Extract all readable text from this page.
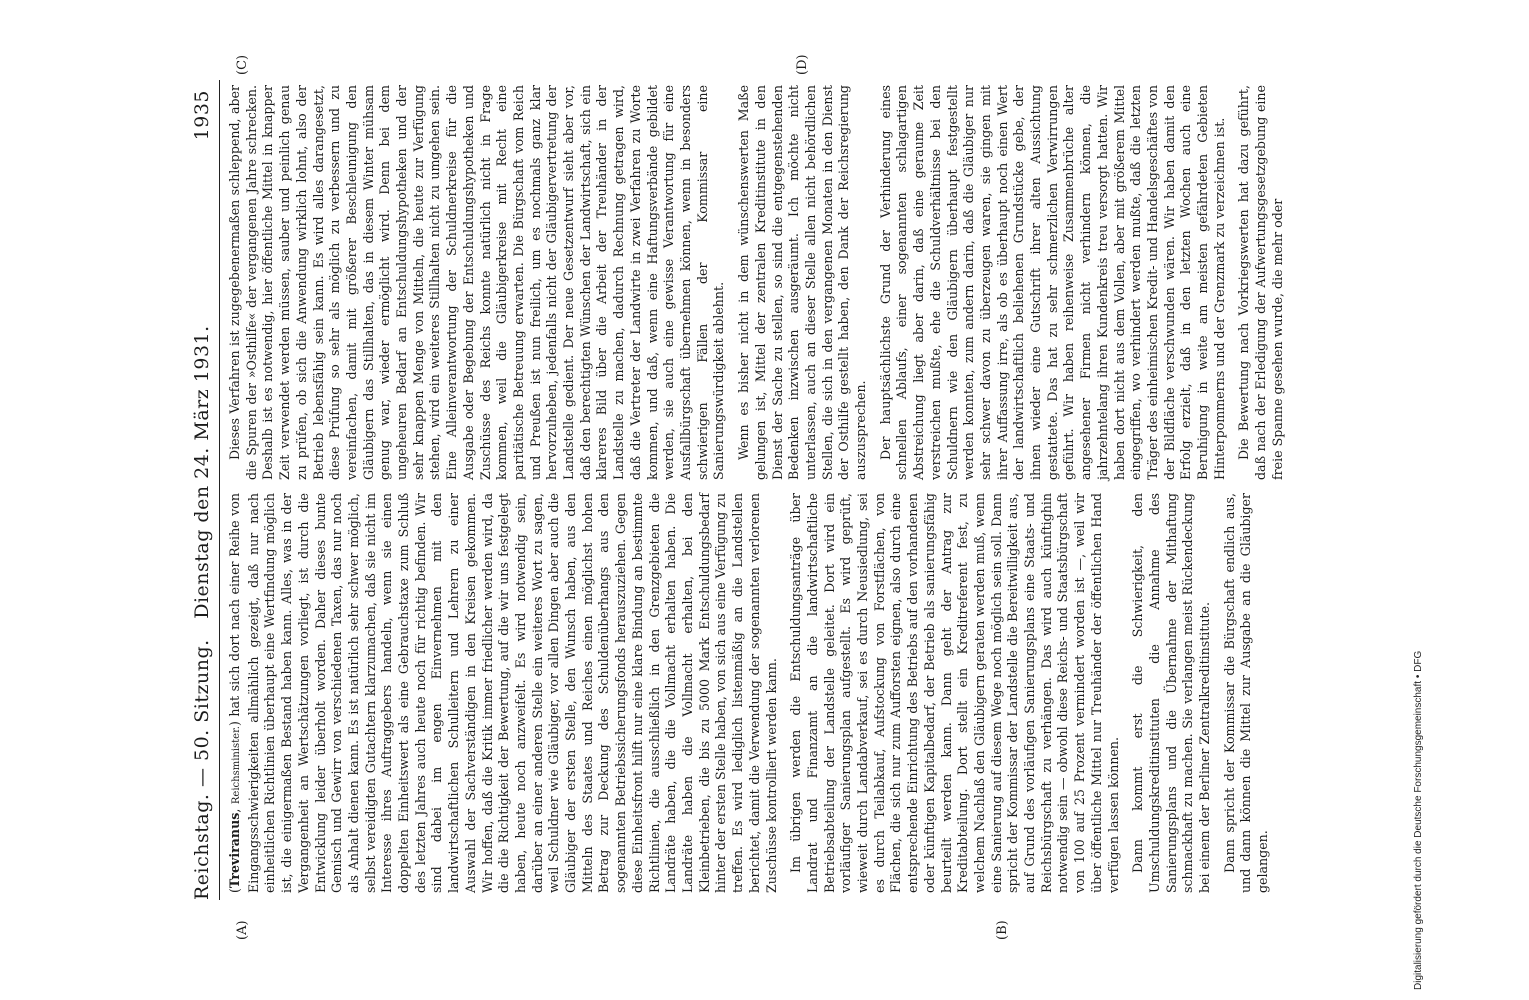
Reichstag. — 50. Sitzung. Dienstag den 24. März 1931.
1935
(A)	(B)
(C)	(D)

(Treviranus, Reichsminister.) hat sich dort nach einer Reihe von Eingangsschwierigkeiten allmählich gezeigt, daß nur nach einheitlichen Richtlinien überhaupt eine Wertfindung möglich ist, die einigermaßen Bestand haben kann. Alles, was in der Vergangenheit an Wertschätzungen vorliegt, ist durch die Entwicklung leider überholt worden. Daher dieses bunte Gemisch und Gewirr von verschiedenen Taxen, das nur noch als Anhalt dienen kann. Es ist natürlich sehr schwer möglich, selbst vereidigten Gutachtern klarzumachen, daß sie nicht im Interesse ihres Auftraggebers handeln, wenn sie einen doppelten Einheitswert als eine Gebrauchstaxe zum Schluß des letzten Jahres auch heute noch für richtig befinden. Wir sind dabei im engen Einvernehmen mit den landwirtschaftlichen Schulleitern und Lehrern zu einer Auswahl der Sachverständigen in den Kreisen gekommen. Wir hoffen, daß die Kritik immer friedlicher werden wird, da die die Richtigkeit der Bewertung, auf die wir uns festgelegt haben, heute noch anzweifelt. Es wird notwendig sein, darüber an einer anderen Stelle ein weiteres Wort zu sagen, weil Schuldner wie Gläubiger, vor allen Dingen aber auch die Gläubiger der ersten Stelle, den Wunsch haben, aus den Mitteln des Staates und Reiches einen möglichst hohen Betrag zur Deckung des Schuldenüberhangs aus den sogenannten Betriebssicherungsfonds herauszuziehen. Gegen diese Einheitsfront hilft nur eine klare Bindung an bestimmte Richtlinien, die ausschließlich in den Grenzgebieten die Landräte haben, die die Vollmacht erhalten haben. Die Landräte haben die Vollmacht erhalten, bei den Kleinbetrieben, die bis zu 5000 Mark Entschuldungsbedarf hinter der ersten Stelle haben, von sich aus eine Verfügung zu treffen. Es wird lediglich listenmäßig an die Landstellen berichtet, damit die Verwendung der sogenannten verlorenen Zuschüsse kontrolliert werden kann. Im übrigen werden die Entschuldungsanträge über Landrat und Finanzamt an die landwirtschaftliche Betriebsabteilung der Landstelle geleitet. Dort wird ein vorläufiger Sanierungsplan aufgestellt. Es wird geprüft, wieweit durch Landabverkauf, sei es durch Neusiedlung, sei es durch Teilabkauf, Aufstockung von Forstflächen, von Flächen, die sich nur zum Aufforsten eignen, also durch eine entsprechende Einrichtung des Betriebs auf den vorhandenen oder künftigen Kapitalbedarf, der Betrieb als sanierungsfähig beurteilt werden kann. Dann geht der Antrag zur Kreditabteilung. Dort stellt ein Kreditreferent fest, zu welchem Nachlaß den Gläubigern geraten werden muß, wenn eine Sanierung auf diesem Wege noch möglich sein soll. Dann spricht der Kommissar der Landstelle die Bereitwilligkeit aus, auf Grund des vorläufigen Sanierungsplans eine Staats- und Reichsbürgschaft zu verhängen. Das wird auch künftighin notwendig sein — obwohl diese Reichs- und Staatsbürgschaft von 100 auf 25 Prozent vermindert worden ist —, weil wir über öffentliche Mittel nur Treuhänder der öffentlichen Hand verfügen lassen können. Dann kommt erst die Schwierigkeit, den Umschuldungskreditinstituten die Annahme des Sanierungsplans und die Übernahme der Mithaftung schmackhaft zu machen. Sie verlangen meist Rückendeckung bei einem der Berliner Zentralkreditinstitute. Dann spricht der Kommissar die Bürgschaft endlich aus, und dann können die Mittel zur Ausgabe an die Gläubiger gelangen.

Dieses Verfahren ist zugegebenermaßen schleppend, aber die Spuren der »Osthilfe« der vergangenen Jahre schrecken. Deshalb ist es notwendig, hier öffentliche Mittel in knapper Zeit verwendet werden müssen, sauber und peinlich genau zu prüfen, ob sich die Anwendung wirklich lohnt, also der Betrieb lebensfähig sein kann. Es wird alles darangesetzt, diese Prüfung so sehr als möglich zu verbessern und zu vereinfachen, damit mit größerer Beschleunigung den Gläubigern das Stillhalten, das in diesem Winter mühsam genug war, wieder ermöglicht wird. Denn bei dem ungeheuren Bedarf an Entschuldungshypotheken und der sehr knappen Menge von Mitteln, die heute zur Verfügung stehen, wird ein weiteres Stillhalten nicht zu umgehen sein. Eine Alleinverantwortung der Schuldnerkreise für die Ausgabe oder Begebung der Entschuldungshypotheken und Zuschüsse des Reichs konnte natürlich nicht in Frage kommen, weil die Gläubigerkreise mit Recht eine paritätische Betreuung erwarten. Die Bürgschaft vom Reich und Preußen ist nun freilich, um es nochmals ganz klar hervorzuheben, jedenfalls nicht der Gläubigervertretung der Landstelle gedient. Der neue Gesetzentwurf sieht aber vor, daß den berechtigten Wünschen der Landwirtschaft, sich ein klareres Bild über die Arbeit der Treuhänder in der Landstelle zu machen, dadurch Rechnung getragen wird, daß die Vertreter der Landwirte in zwei Verfahren zu Worte kommen, und daß, wenn eine Haftungsverbände gebildet werden, sie auch eine gewisse Verantwortung für eine Ausfallbürgschaft übernehmen können, wenn in besonders schwierigen Fällen der Kommissar eine Sanierungswürdigkeit ablehnt. Wenn es bisher nicht in dem wünschenswerten Maße gelungen ist, Mittel der zentralen Kreditinstitute in den Dienst der Sache zu stellen, so sind die entgegenstehenden Bedenken inzwischen ausgeräumt. Ich möchte nicht unterlassen, auch an dieser Stelle allen nicht behördlichen Stellen, die sich in den vergangenen Monaten in den Dienst der Osthilfe gestellt haben, den Dank der Reichsregierung auszusprechen. Der hauptsächlichste Grund der Verhinderung eines schnellen Ablaufs, einer sogenannten schlagartigen Abstreichung liegt aber darin, daß eine geraume Zeit verstreichen mußte, ehe die Schuldverhältnisse bei den Schuldnern wie den Gläubigern überhaupt festgestellt werden konnten, zum andern darin, daß die Gläubiger nur sehr schwer davon zu überzeugen waren, sie gingen mit ihrer Auffassung irre, als ob es überhaupt noch einen Wert der landwirtschaftlich beliehenen Grundstücke gebe, der ihnen wieder eine Gutschrift ihrer alten Aussichtung gestattete. Das hat zu sehr schmerzlichen Verwirrungen geführt. Wir haben reihenweise Zusammenbrüche alter angesehener Firmen nicht verhindern können, die jahrzehntelang ihren Kundenkreis treu versorgt hatten. Wir haben dort nicht aus dem Vollen, aber mit größerem Mittel eingegriffen, wo verhindert werden mußte, daß die letzten Träger des einheimischen Kredit- und Handelsgeschäftes von der Bildfläche verschwunden wären. Wir haben damit den Erfolg erzielt, daß in den letzten Wochen auch eine Beruhigung in weite am meisten gefährdeten Gebieten Hinterpommerns und der Grenzmark zu verzeichnen ist. Die Bewertung nach Vorkriegswerten hat dazu geführt, daß nach der Erledigung der Aufwertungsgesetzgebung eine freie Spanne gesehen wurde, die mehr oder

Digitalisierung gefördert durch die Deutsche Forschungsgemeinschaft • DFG
